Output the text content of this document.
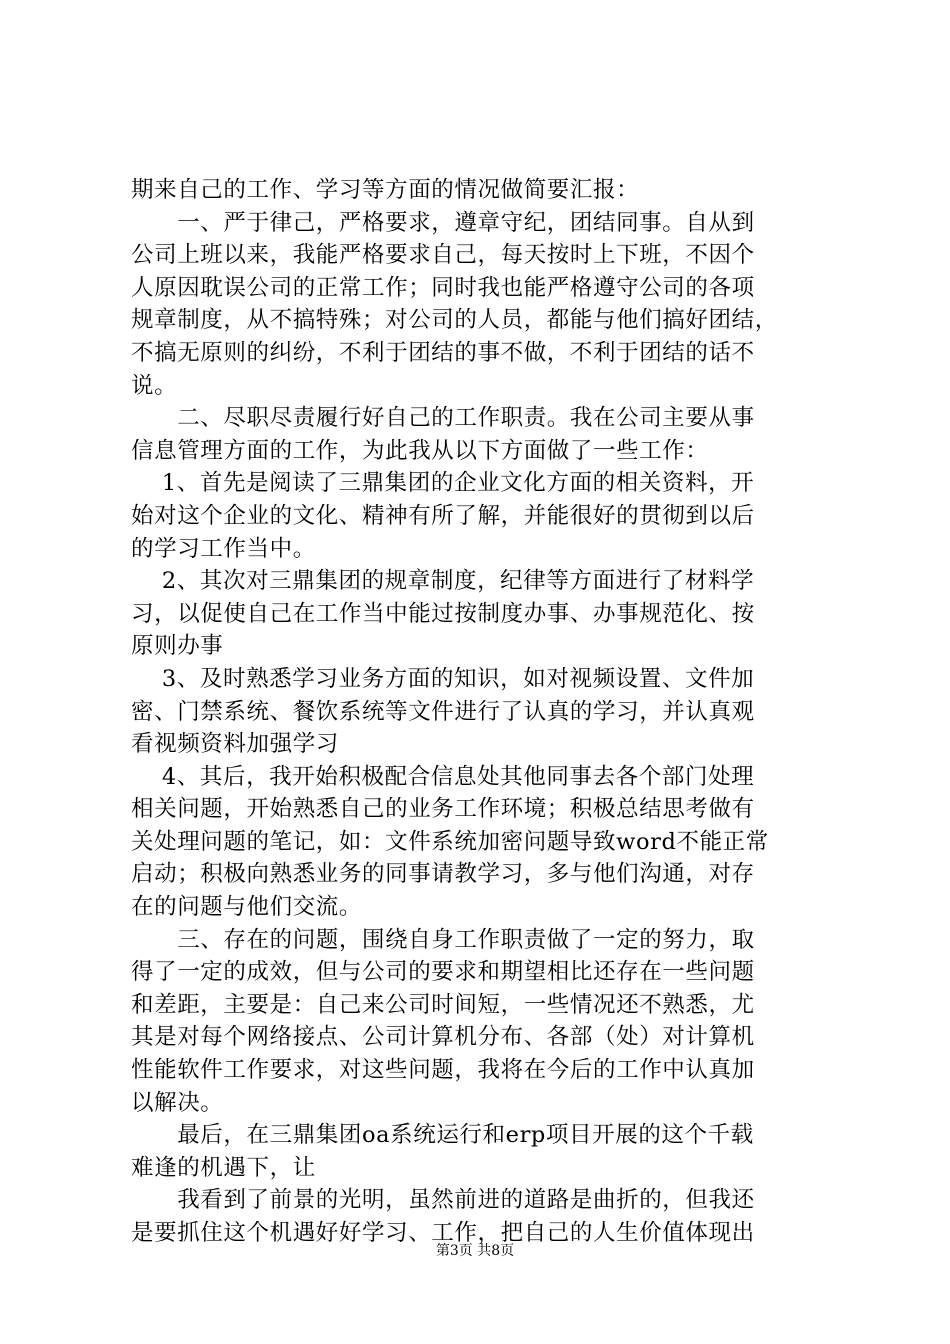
期来自己的工作、学习等方面的情况做简要汇报：
　　一、严于律己，严格要求，遵章守纪，团结同事。自从到
公司上班以来，我能严格要求自己，每天按时上下班，不因个
人原因耽误公司的正常工作；同时我也能严格遵守公司的各项
规章制度，从不搞特殊；对公司的人员，都能与他们搞好团结，
不搞无原则的纠纷，不利于团结的事不做，不利于团结的话不
说。
　　二、尽职尽责履行好自己的工作职责。我在公司主要从事
信息管理方面的工作，为此我从以下方面做了一些工作：
　 1、首先是阅读了三鼎集团的企业文化方面的相关资料，开
始对这个企业的文化、精神有所了解，并能很好的贯彻到以后
的学习工作当中。
　 2、其次对三鼎集团的规章制度，纪律等方面进行了材料学
习，以促使自己在工作当中能过按制度办事、办事规范化、按
原则办事
　 3、及时熟悉学习业务方面的知识，如对视频设置、文件加
密、门禁系统、餐饮系统等文件进行了认真的学习，并认真观
看视频资料加强学习
　 4、其后，我开始积极配合信息处其他同事去各个部门处理
相关问题，开始熟悉自己的业务工作环境；积极总结思考做有
关处理问题的笔记，如：文件系统加密问题导致word不能正常
启动；积极向熟悉业务的同事请教学习，多与他们沟通，对存
在的问题与他们交流。
　　三、存在的问题，围绕自身工作职责做了一定的努力，取
得了一定的成效，但与公司的要求和期望相比还存在一些问题
和差距，主要是：自己来公司时间短，一些情况还不熟悉，尤
其是对每个网络接点、公司计算机分布、各部（处）对计算机
性能软件工作要求，对这些问题，我将在今后的工作中认真加
以解决。
　　最后，在三鼎集团oa系统运行和erp项目开展的这个千载
难逢的机遇下，让
　　我看到了前景的光明，虽然前进的道路是曲折的，但我还
是要抓住这个机遇好好学习、工作，把自己的人生价值体现出
第3页 共8页
